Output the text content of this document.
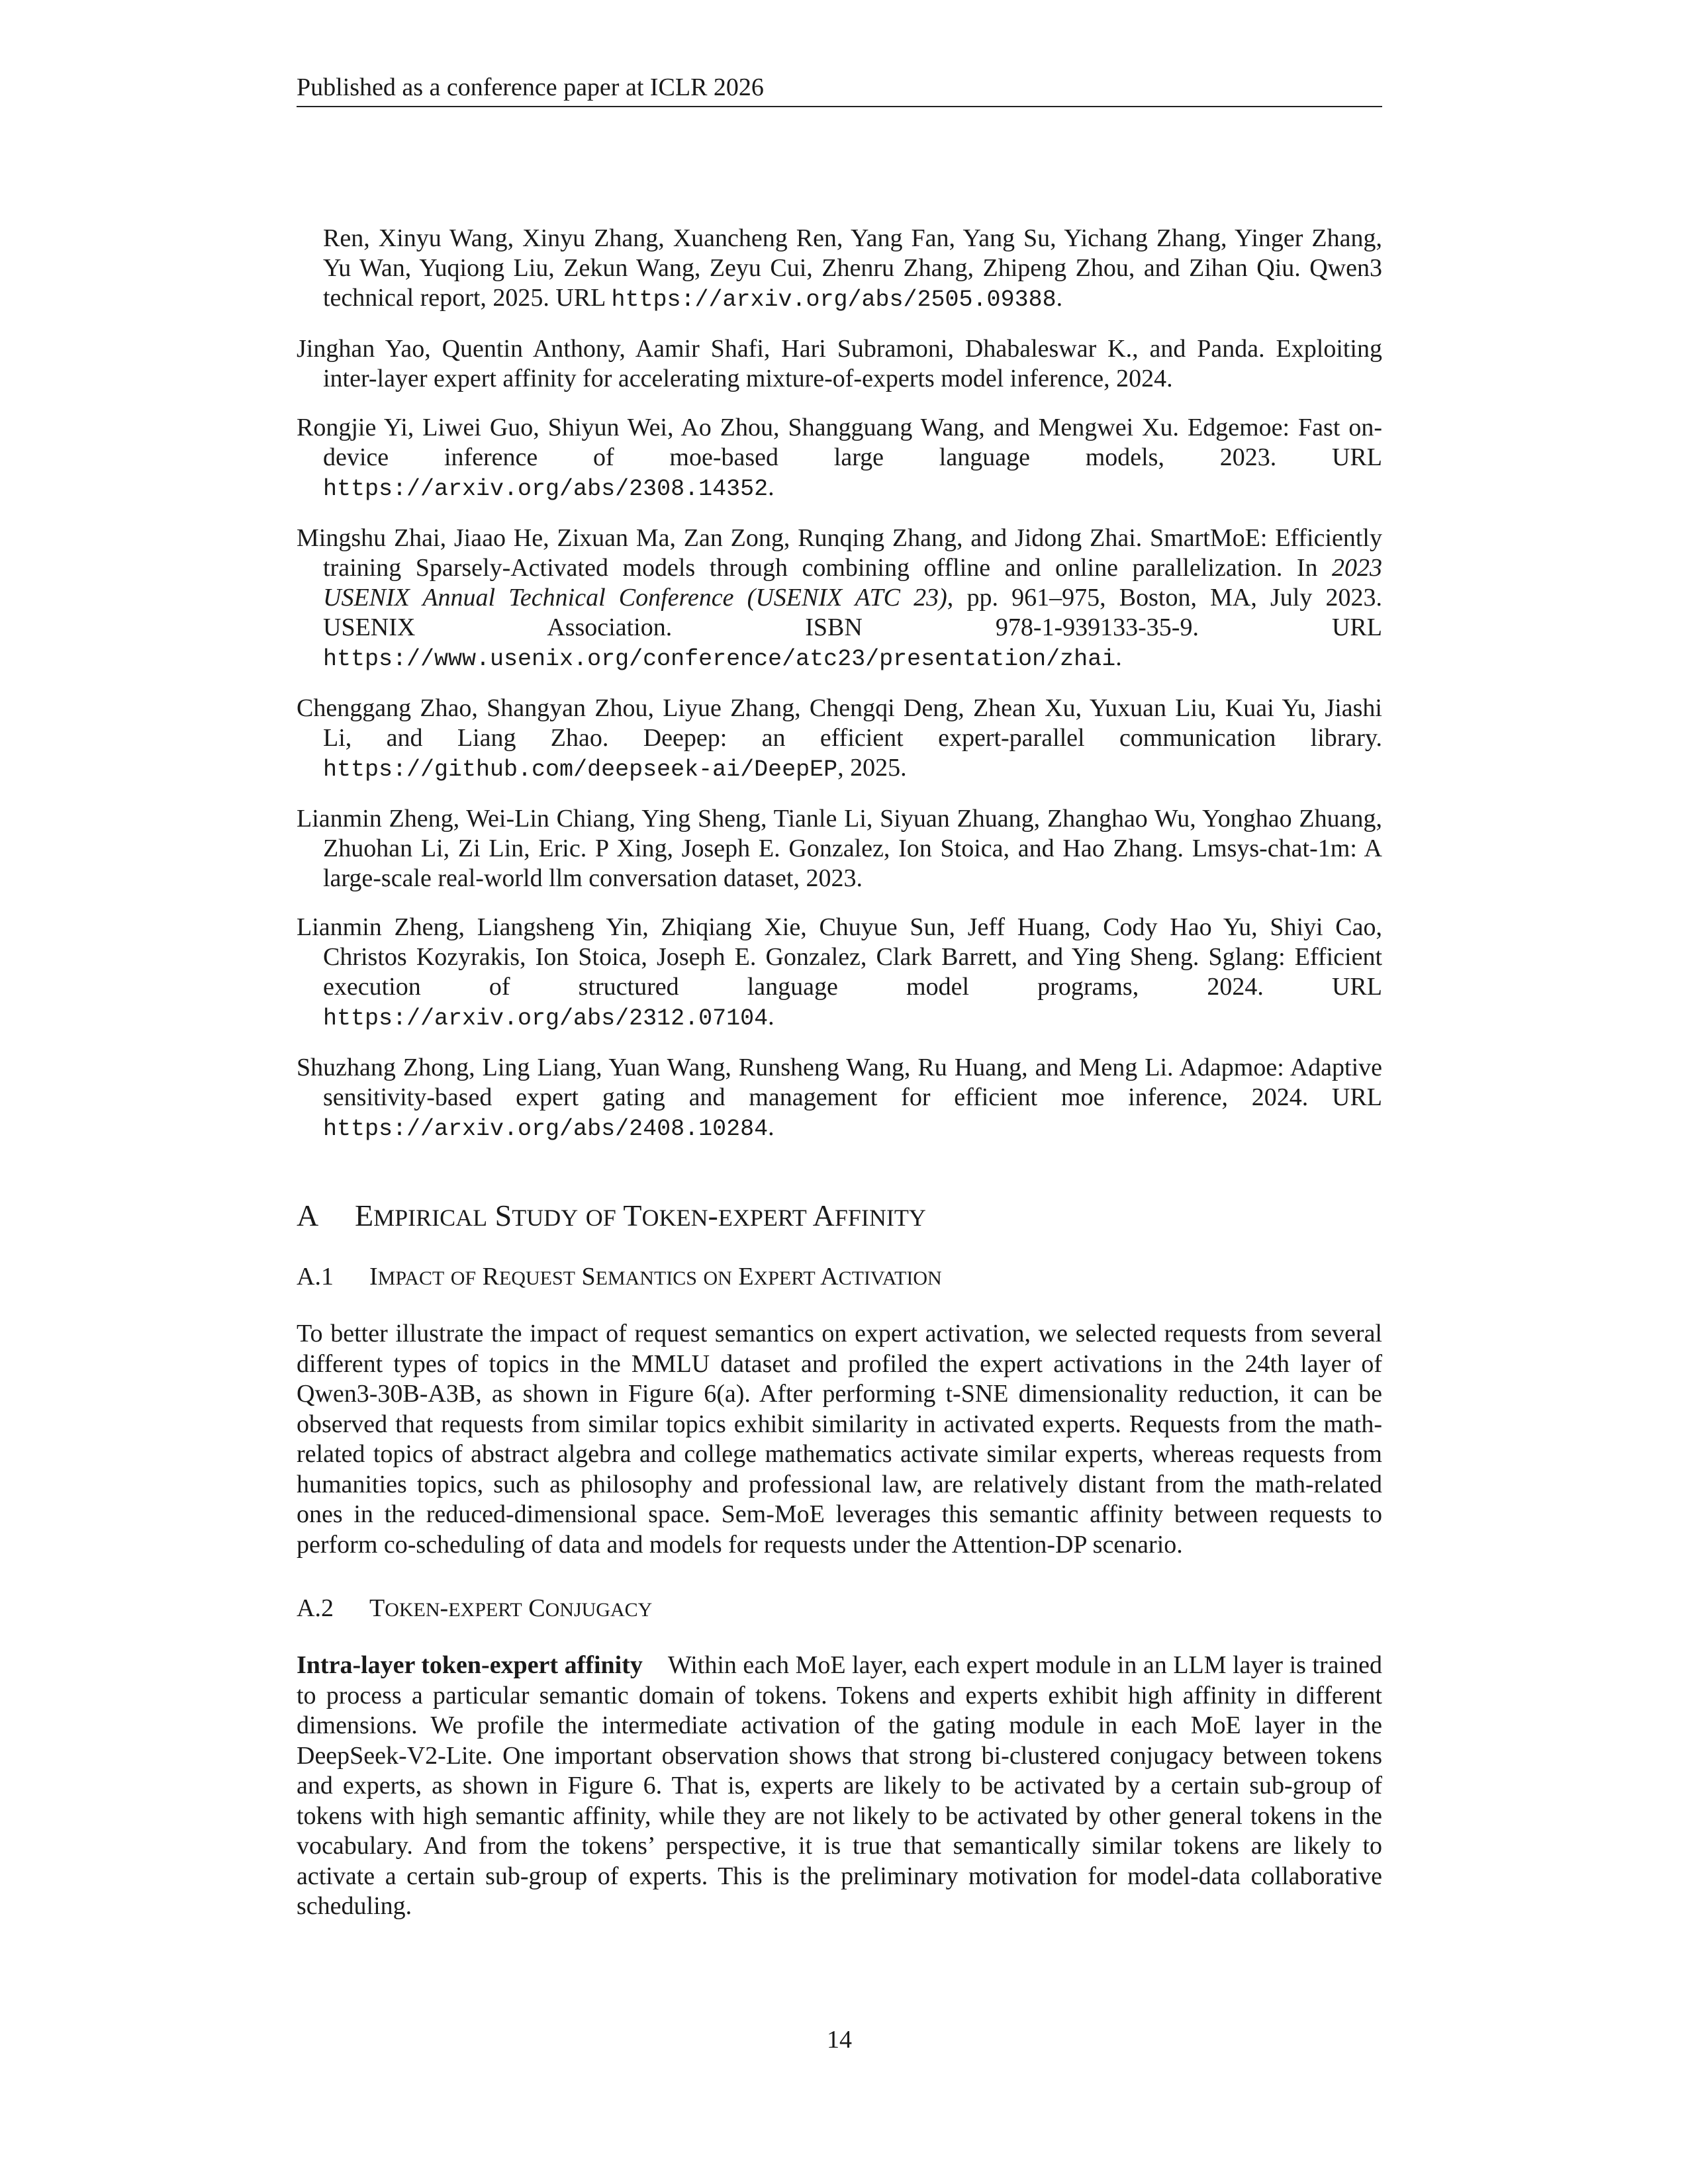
Published as a conference paper at ICLR 2026

Ren, Xinyu Wang, Xinyu Zhang, Xuancheng Ren, Yang Fan, Yang Su, Yichang Zhang, Yinger Zhang, Yu Wan, Yuqiong Liu, Zekun Wang, Zeyu Cui, Zhenru Zhang, Zhipeng Zhou, and Zihan Qiu. Qwen3 technical report, 2025. URL https://arxiv.org/abs/2505.09388.

Jinghan Yao, Quentin Anthony, Aamir Shafi, Hari Subramoni, Dhabaleswar K., and Panda. Exploiting inter-layer expert affinity for accelerating mixture-of-experts model inference, 2024.

Rongjie Yi, Liwei Guo, Shiyun Wei, Ao Zhou, Shangguang Wang, and Mengwei Xu. Edgemoe: Fast on-device inference of moe-based large language models, 2023. URL https://arxiv.org/abs/2308.14352.

Mingshu Zhai, Jiaao He, Zixuan Ma, Zan Zong, Runqing Zhang, and Jidong Zhai. SmartMoE: Efficiently training Sparsely-Activated models through combining offline and online parallelization. In 2023 USENIX Annual Technical Conference (USENIX ATC 23), pp. 961–975, Boston, MA, July 2023. USENIX Association. ISBN 978-1-939133-35-9. URL https://www.usenix.org/conference/atc23/presentation/zhai.

Chenggang Zhao, Shangyan Zhou, Liyue Zhang, Chengqi Deng, Zhean Xu, Yuxuan Liu, Kuai Yu, Jiashi Li, and Liang Zhao. Deepep: an efficient expert-parallel communication library. https://github.com/deepseek-ai/DeepEP, 2025.

Lianmin Zheng, Wei-Lin Chiang, Ying Sheng, Tianle Li, Siyuan Zhuang, Zhanghao Wu, Yonghao Zhuang, Zhuohan Li, Zi Lin, Eric. P Xing, Joseph E. Gonzalez, Ion Stoica, and Hao Zhang. Lmsys-chat-1m: A large-scale real-world llm conversation dataset, 2023.

Lianmin Zheng, Liangsheng Yin, Zhiqiang Xie, Chuyue Sun, Jeff Huang, Cody Hao Yu, Shiyi Cao, Christos Kozyrakis, Ion Stoica, Joseph E. Gonzalez, Clark Barrett, and Ying Sheng. Sglang: Efficient execution of structured language model programs, 2024. URL https://arxiv.org/abs/2312.07104.

Shuzhang Zhong, Ling Liang, Yuan Wang, Runsheng Wang, Ru Huang, and Meng Li. Adapmoe: Adaptive sensitivity-based expert gating and management for efficient moe inference, 2024. URL https://arxiv.org/abs/2408.10284.

A EMPIRICAL STUDY OF TOKEN-EXPERT AFFINITY
A.1 IMPACT OF REQUEST SEMANTICS ON EXPERT ACTIVATION

To better illustrate the impact of request semantics on expert activation, we selected requests from several different types of topics in the MMLU dataset and profiled the expert activations in the 24th layer of Qwen3-30B-A3B, as shown in Figure 6(a). After performing t-SNE dimensionality reduction, it can be observed that requests from similar topics exhibit similarity in activated experts. Requests from the math-related topics of abstract algebra and college mathematics activate similar experts, whereas requests from humanities topics, such as philosophy and professional law, are relatively distant from the math-related ones in the reduced-dimensional space. Sem-MoE leverages this semantic affinity between requests to perform co-scheduling of data and models for requests under the Attention-DP scenario.

A.2 TOKEN-EXPERT CONJUGACY

Intra-layer token-expert affinity  Within each MoE layer, each expert module in an LLM layer is trained to process a particular semantic domain of tokens. Tokens and experts exhibit high affinity in different dimensions. We profile the intermediate activation of the gating module in each MoE layer in the DeepSeek-V2-Lite. One important observation shows that strong bi-clustered conjugacy between tokens and experts, as shown in Figure 6. That is, experts are likely to be activated by a certain sub-group of tokens with high semantic affinity, while they are not likely to be activated by other general tokens in the vocabulary. And from the tokens’ perspective, it is true that semantically similar tokens are likely to activate a certain sub-group of experts. This is the preliminary motivation for model-data collaborative scheduling.

14
